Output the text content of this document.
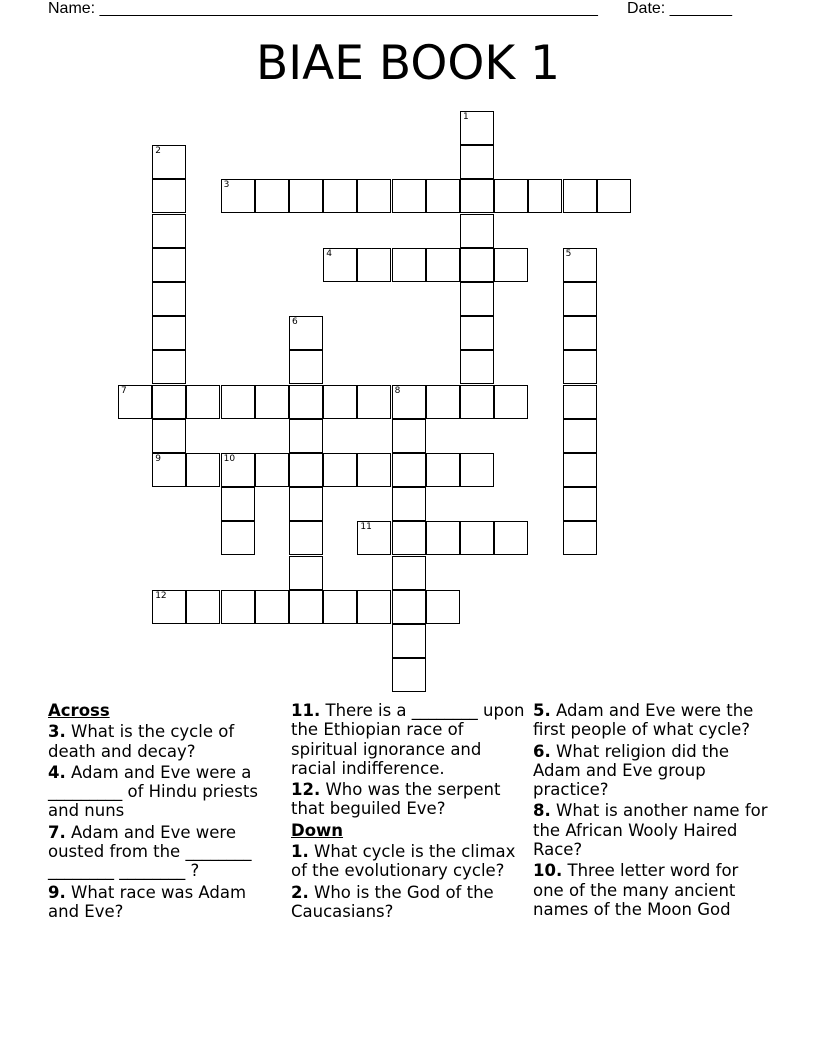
Name: ________________________________________________________ Date: _______
BIAE BOOK 1
3
4
7	8
9	10
11
12
1
2
5
6
Across
3. What is the cycle of death and decay?
4. Adam and Eve were a _________ of Hindu priests and nuns
7. Adam and Eve were ousted from the ________ ________ ________ ?
9. What race was Adam and Eve?
11. There is a ________ upon the Ethiopian race of spiritual ignorance and racial indifference.
12. Who was the serpent that beguiled Eve?
Down
1. What cycle is the climax of the evolutionary cycle?
2. Who is the God of the Caucasians?
5. Adam and Eve were the first people of what cycle?
6. What religion did the Adam and Eve group practice?
8. What is another name for the African Wooly Haired Race?
10. Three letter word for one of the many ancient names of the Moon God
